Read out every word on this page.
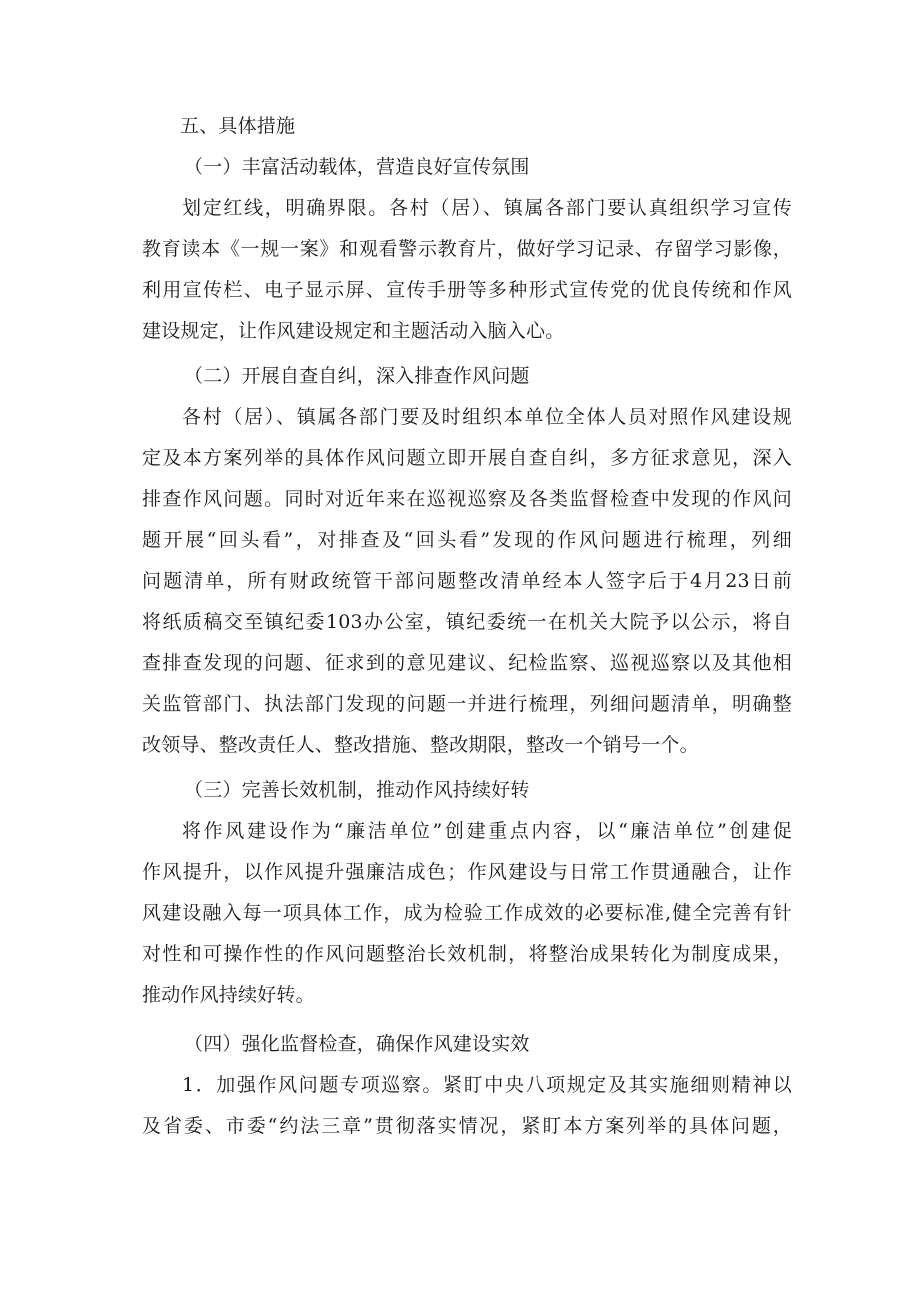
五、具体措施
（一）丰富活动载体，营造良好宣传氛围
划定红线，明确界限。各村（居）、镇属各部门要认真组织学习宣传
教育读本《一规一案》和观看警示教育片，做好学习记录、存留学习影像，
利用宣传栏、电子显示屏、宣传手册等多种形式宣传党的优良传统和作风
建设规定，让作风建设规定和主题活动入脑入心。
（二）开展自查自纠，深入排查作风问题
各村（居）、镇属各部门要及时组织本单位全体人员对照作风建设规
定及本方案列举的具体作风问题立即开展自查自纠，多方征求意见，深入
排查作风问题。同时对近年来在巡视巡察及各类监督检查中发现的作风问
题开展“回头看”，对排查及“回头看”发现的作风问题进行梳理，列细
问题清单，所有财政统管干部问题整改清单经本人签字后于4月23日前
将纸质稿交至镇纪委103办公室，镇纪委统一在机关大院予以公示，将自
查排查发现的问题、征求到的意见建议、纪检监察、巡视巡察以及其他相
关监管部门、执法部门发现的问题一并进行梳理，列细问题清单，明确整
改领导、整改责任人、整改措施、整改期限，整改一个销号一个。
（三）完善长效机制，推动作风持续好转
将作风建设作为“廉洁单位”创建重点内容，以“廉洁单位”创建促
作风提升，以作风提升强廉洁成色；作风建设与日常工作贯通融合，让作
风建设融入每一项具体工作，成为检验工作成效的必要标准,健全完善有针
对性和可操作性的作风问题整治长效机制，将整治成果转化为制度成果，
推动作风持续好转。
（四）强化监督检查，确保作风建设实效
1．加强作风问题专项巡察。紧盯中央八项规定及其实施细则精神以
及省委、市委“约法三章”贯彻落实情况，紧盯本方案列举的具体问题，
